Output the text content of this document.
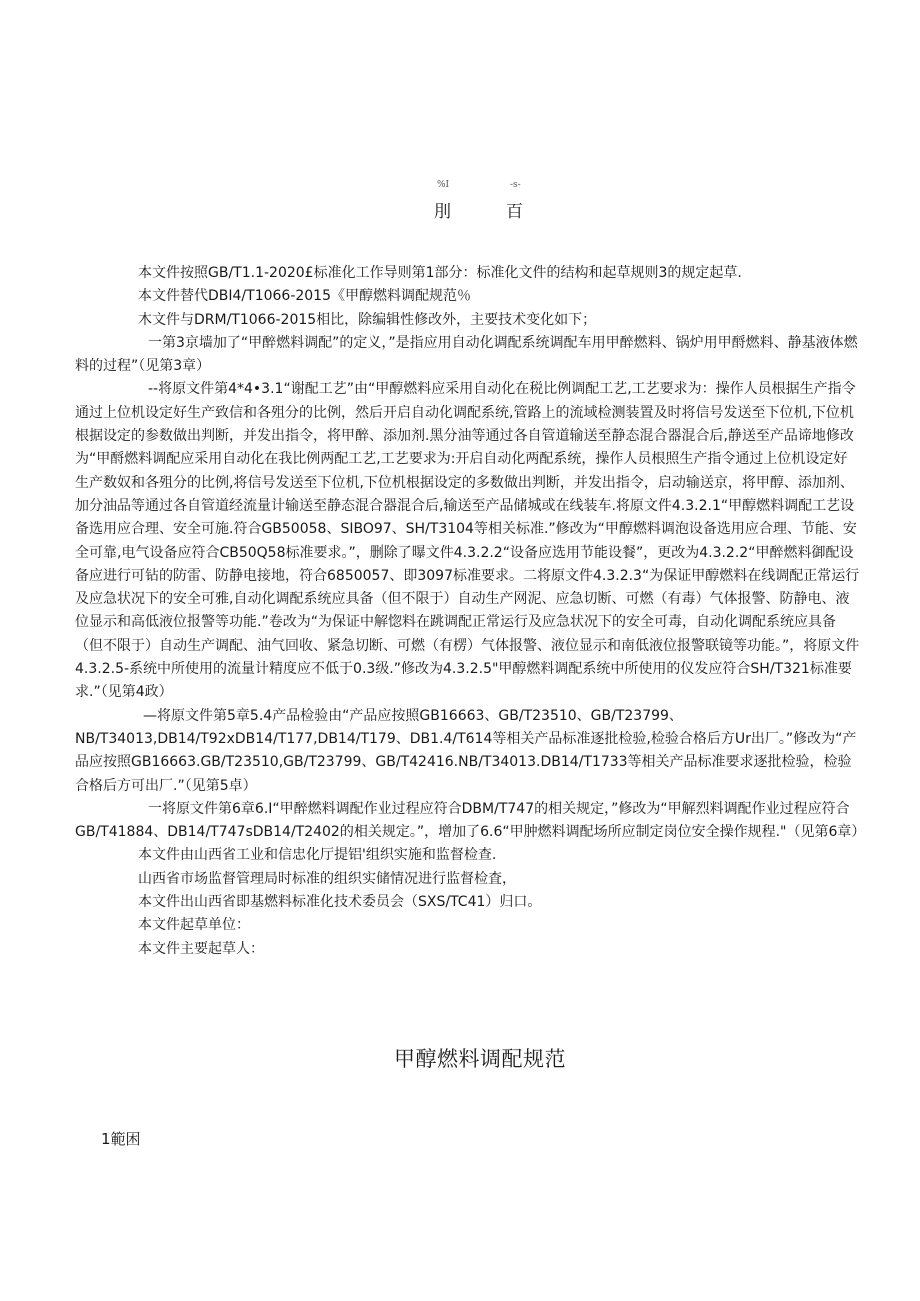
%I	-s-
刖	百

本文件按照GB/T1.1-2020£标准化工作导则第1部分：标准化文件的结构和起草规则3的规定起草.

本文件替代DBI4/T1066-2015《甲醇燃料调配规范％

木文件与DRM/T1066-2015相比，除编辑性修改外，主要技术变化如下；

一第3京墙加了“甲醉燃料调配”的定义，”是指应用自动化调配系统调配车用甲醉燃料、锅炉用甲酹燃料、静基液体燃料的过程”（见第3章）

--将原文件第4*4•3.1“谢配工艺”由“甲醇燃料应采用自动化在税比例调配工艺,工艺要求为：操作人员根据生产指令通过上位机设定好生产致信和各殂分的比例，然后开启自动化调配系统,管路上的流域检测装置及时将信号发送至下位机,下位机根据设定的参数做出判断，并发出指令，将甲醉、添加剂.黑分油等通过各自管道输送至静态混合器混合后,静送至产品谛地修改为“甲酹燃料调配应采用自动化在我比例两配工艺,工艺要求为:开启自动化两配系统，操作人员根照生产指令通过上位机设定好生产数奴和各殂分的比例,将信号发送至下位机,下位机根据设定的多数做出判断，并发出指令，启动输送京，将甲醇、添加剂、加分油品等通过各自管道经流量计输送至静态混合器混合后,输送至产品储城或在线装车.将原文件4.3.2.1“甲醇燃料调配工艺设备选用应合理、安全可施.符合GB50058、SIBO97、SH/T3104等相关标准.”修改为“甲醇燃料调泡设备选用应合理、节能、安全可靠,电气设备应符合CB50Q58标准要求。”，删除了曝文件4.3.2.2“设备应选用节能设餐”，更改为4.3.2.2“甲醉燃料御配设备应进行可钻的防雷、防静电接地，符合6850057、即3097标准要求。二将原文件4.3.2.3“为保证甲醇燃料在线调配正常运行及应急状况下的安全可雅,自动化调配系统应具备（但不限于）自动生产网泥、应急切断、可燃（有毒）气体报警、防静电、液位显示和高低液位报警等功能.”卷改为“为保证中解惚料在跳调配正常运行及应急状况下的安全可毒，自动化调配系统应具备（但不限于）自动生产调配、油气回收、紧急切断、可燃（有楞）气体报警、液位显示和南低液位报警联镜等功能。”，将原文件4.3.2.5-系统中所使用的流量计精度应不低于0.3级.”修改为4.3.2.5"甲醇燃料调配系统中所使用的仪发应符合SH/T321标准要求.”（见第4政）

—将原文件第5章5.4产品检验由“产品应按照GB16663、GB/T23510、GB/T23799、NB/T34013,DB14/T92xDB14/T177,DB14/T179、DB1.4/T614等相关产品标准逐批检验,检验合格后方Ur出厂。”修改为“产品应按照GB16663.GB/T23510,GB/T23799、GB/T42416.NB/T34013.DB14/T1733等相关产品标准要求逐批检验，检验合格后方可出厂.”（见第5卓）

一将原文件第6章6.I“甲醉燃料调配作业过程应符合DBM/T747的相关规定，”修改为“甲解烈料调配作业过程应符合GB/T41884、DB14/T747sDB14/T2402的相关规定。”，增加了6.6“甲肿燃料调配场所应制定岗位安全操作规程."（见第6章）

本文件由山西省工业和信忠化厅提铝'组织实施和监督检查.

山西省市场监督管理局时标准的组织实储情况进行监督检査，

本文件出山西省即基燃料标准化技术委员会（SXS/TC41）归口。

本文件起草单位：

本文件主要起草人：

甲醇燃料调配规范
1範困
